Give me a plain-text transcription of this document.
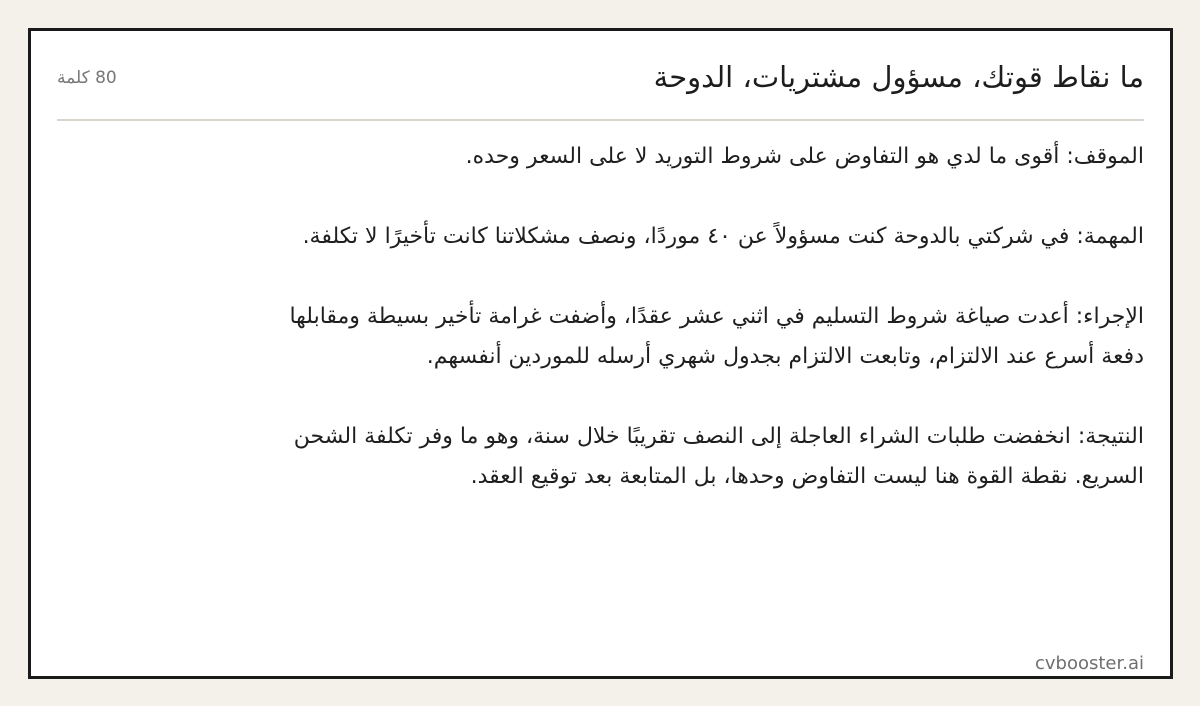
ما نقاط قوتك، مسؤول مشتريات، الدوحة
80 كلمة

الموقف: أقوى ما لدي هو التفاوض على شروط التوريد لا على السعر وحده.

المهمة: في شركتي بالدوحة كنت مسؤولاً عن ٤٠ موردًا، ونصف مشكلاتنا كانت تأخيرًا لا تكلفة.

الإجراء: أعدت صياغة شروط التسليم في اثني عشر عقدًا، وأضفت غرامة تأخير بسيطة ومقابلها دفعة أسرع عند الالتزام، وتابعت الالتزام بجدول شهري أرسله للموردين أنفسهم.

النتيجة: انخفضت طلبات الشراء العاجلة إلى النصف تقريبًا خلال سنة، وهو ما وفر تكلفة الشحن السريع. نقطة القوة هنا ليست التفاوض وحدها، بل المتابعة بعد توقيع العقد.

cvbooster.ai
